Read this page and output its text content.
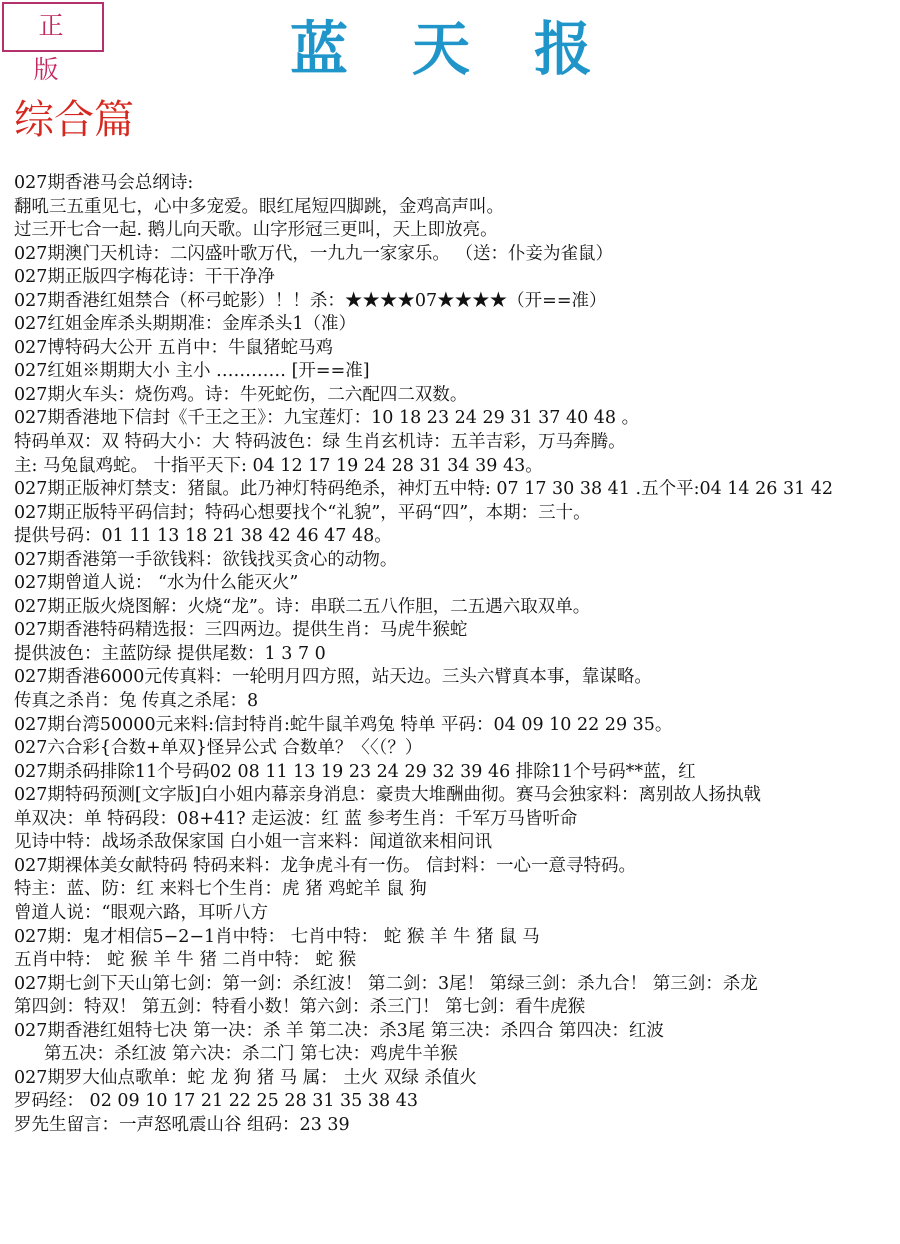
正 版	蓝天报
综合篇
027期香港马会总纲诗:
翻吼三五重见七，心中多宠爱。眼红尾短四脚跳，金鸡高声叫。
过三开七合一起. 鹅儿向天歌。山字形冠三更叫，天上即放亮。
027期澳门天机诗：二闪盛叶歌万代，一九九一家家乐。 （送：仆妾为雀鼠）
027期正版四字梅花诗：干干净净
027期香港红姐禁合（杯弓蛇影）！！杀：★★★★07★★★★（开==准）
027红姐金库杀头期期准：金库杀头1（准）
027博特码大公开 五肖中：牛鼠猪蛇马鸡
027红姐※期期大小 主小 ………… [开==准]
027期火车头：烧伤鸡。诗：牛死蛇伤，二六配四二双数。
027期香港地下信封《千王之王》：九宝莲灯：10 18 23 24 29 31 37 40 48 。
特码单双：双 特码大小：大 特码波色：绿 生肖玄机诗：五羊吉彩，万马奔腾。
主: 马兔鼠鸡蛇。 十指平天下: 04 12 17 19 24 28 31 34 39 43。
027期正版神灯禁支：猪鼠。此乃神灯特码绝杀，神灯五中特: 07 17 30 38 41 .五个平:04 14 26 31 42
027期正版特平码信封；特码心想要找个“礼貌”，平码“四”，本期：三十。
提供号码：01 11 13 18 21 38 42 46 47 48。
027期香港第一手欲钱料：欲钱找买贪心的动物。
027期曾道人说： “水为什么能灭火”
027期正版火烧图解：火烧“龙”。诗：串联二五八作胆，二五遇六取双单。
027期香港特码精选报：三四两边。提供生肖：马虎牛猴蛇
提供波色：主蓝防绿 提供尾数：1 3 7 0
027期香港6000元传真料：一轮明月四方照，站天边。三头六臂真本事，靠谋略。
传真之杀肖：兔 传真之杀尾：8
027期台湾50000元来料:信封特肖:蛇牛鼠羊鸡兔 特单 平码：04 09 10 22 29 35。
027六合彩{合数+单双}怪异公式 合数单？〈〈（？）
027期杀码排除11个号码02 08 11 13 19 23 24 29 32 39 46 排除11个号码**蓝，红
027期特码预测[文字版]白小姐内幕亲身消息：豪贵大堆酬曲彻。赛马会独家料：离别故人扬执戟
单双决：单 特码段：08+41? 走运波：红 蓝 参考生肖：千军万马皆听命
见诗中特：战场杀敌保家国 白小姐一言来料：闻道欲来相问讯
027期裸体美女献特码 特码来料：龙争虎斗有一伤。 信封料：一心一意寻特码。
特主：蓝、防：红 来料七个生肖：虎 猪 鸡蛇羊 鼠 狗
曾道人说：“眼观六路，耳听八方
027期：鬼才相信5−2−1肖中特： 七肖中特： 蛇 猴 羊 牛 猪 鼠 马
五肖中特： 蛇 猴 羊 牛 猪 二肖中特： 蛇 猴
027期七剑下天山第七剑：第一剑：杀红波！ 第二剑：3尾！ 第绿三剑：杀九合！ 第三剑：杀龙
第四剑：特双！ 第五剑：特看小数！第六剑：杀三门！ 第七剑：看牛虎猴
027期香港红姐特七决 第一决：杀 羊 第二决：杀3尾 第三决：杀四合 第四决：红波
第五决：杀红波 第六决：杀二门 第七决：鸡虎牛羊猴
027期罗大仙点歌单：蛇 龙 狗 猪 马 属： 土火 双绿 杀值火
罗码经： 02 09 10 17 21 22 25 28 31 35 38 43
罗先生留言：一声怒吼震山谷 组码：23 39
